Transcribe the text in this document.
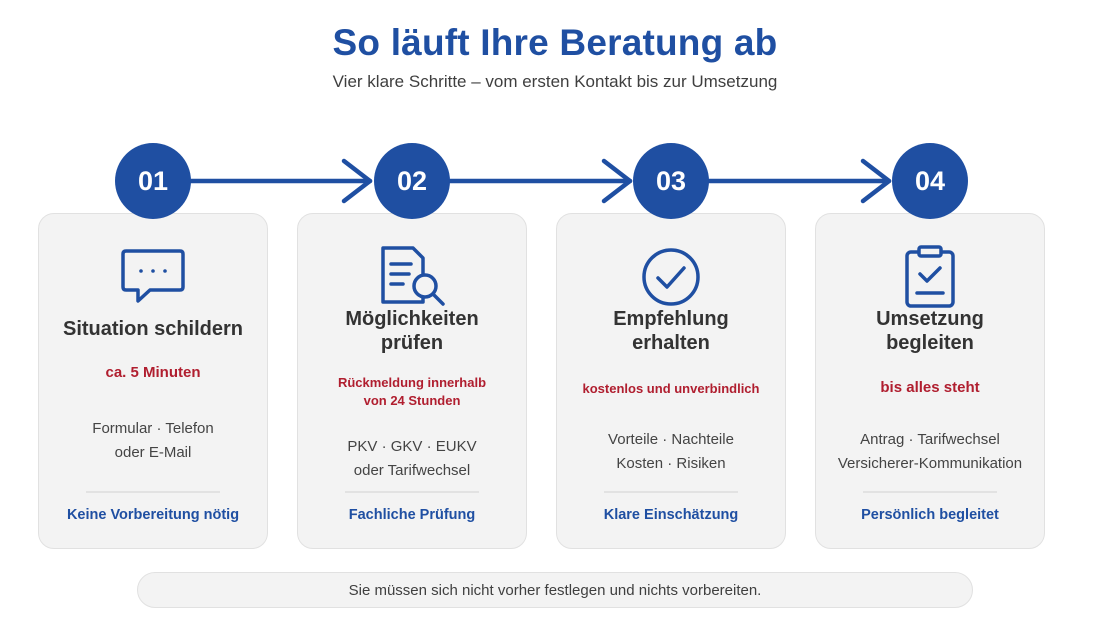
So läuft Ihre Beratung ab
Vier klare Schritte – vom ersten Kontakt bis zur Umsetzung
Situation schildern
ca. 5 Minuten
Formular · Telefon
oder E-Mail
Keine Vorbereitung nötig
Möglichkeiten
prüfen
Rückmeldung innerhalb
von 24 Stunden
PKV · GKV · EUKV
oder Tarifwechsel
Fachliche Prüfung
Empfehlung
erhalten
kostenlos und unverbindlich
Vorteile · Nachteile
Kosten · Risiken
Klare Einschätzung
Umsetzung
begleiten
bis alles steht
Antrag · Tarifwechsel
Versicherer-Kommunikation
Persönlich begleitet
Sie müssen sich nicht vorher festlegen und nichts vorbereiten.
01	02	03	04
